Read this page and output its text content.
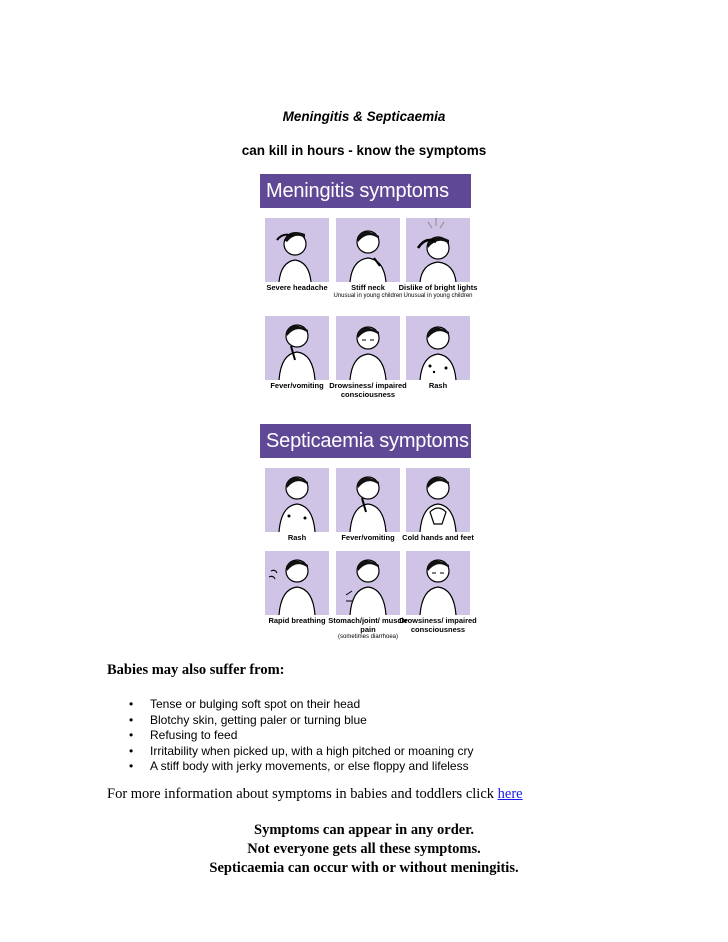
Meningitis & Septicaemia
can kill in hours - know the symptoms
Meningitis symptoms
Severe headache	Stiff neck
Unusual in young children
Dislike of bright lights
Unusual in young children
Fever/vomiting Drowsiness/ impaired consciousness
Rash
Septicaemia symptoms
Rash	Fever/vomiting Cold hands and feet
Rapid breathing Stomach/joint/ muscle pain
(sometimes diarrhoea)
Drowsiness/ impaired consciousness
Babies may also suffer from:
• Tense or bulging soft spot on their head
• Blotchy skin, getting paler or turning blue
• Refusing to feed
• Irritability when picked up, with a high pitched or moaning cry
• A stiff body with jerky movements, or else floppy and lifeless
For more information about symptoms in babies and toddlers click here
Symptoms can appear in any order.
Not everyone gets all these symptoms.
Septicaemia can occur with or without meningitis.
